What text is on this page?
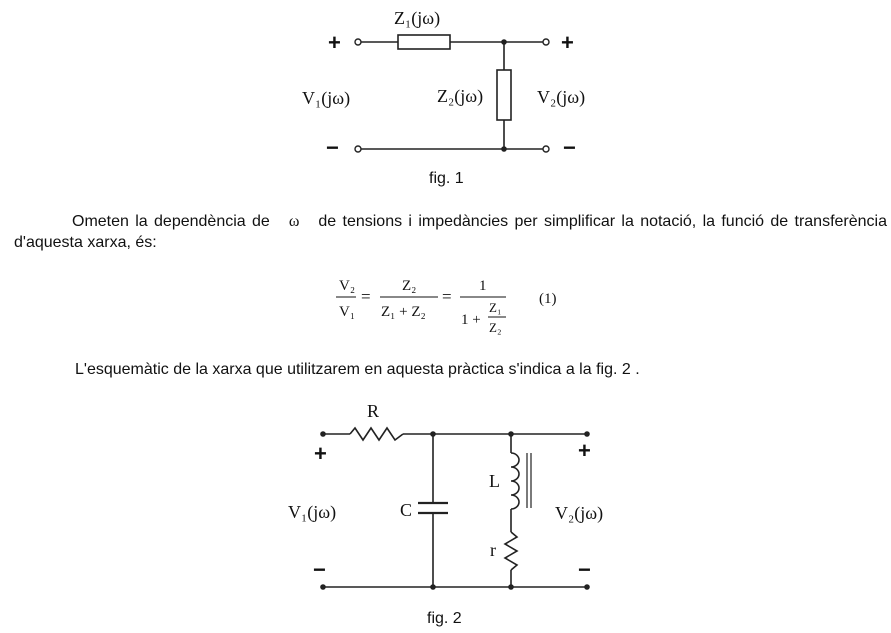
Z₁(jω)
Z₂(jω)
V₁(jω)	V₂(jω)
+	+
−	−
fig. 1
Ometen la dependència de ω de tensions i impedàncies per simplificar la notació, la funció de transferència d'aquesta xarxa, és:
V₂
V₁
=
Z₂
Z₁ + Z₂
=
1
1 +
Z₁
Z₂
(1)
L'esquemàtic de la xarxa que utilitzarem en aquesta pràctica s'indica a la fig. 2 .
R
C
L
r
V₁(jω)	V₂(jω)
+	+
−	−
fig. 2
